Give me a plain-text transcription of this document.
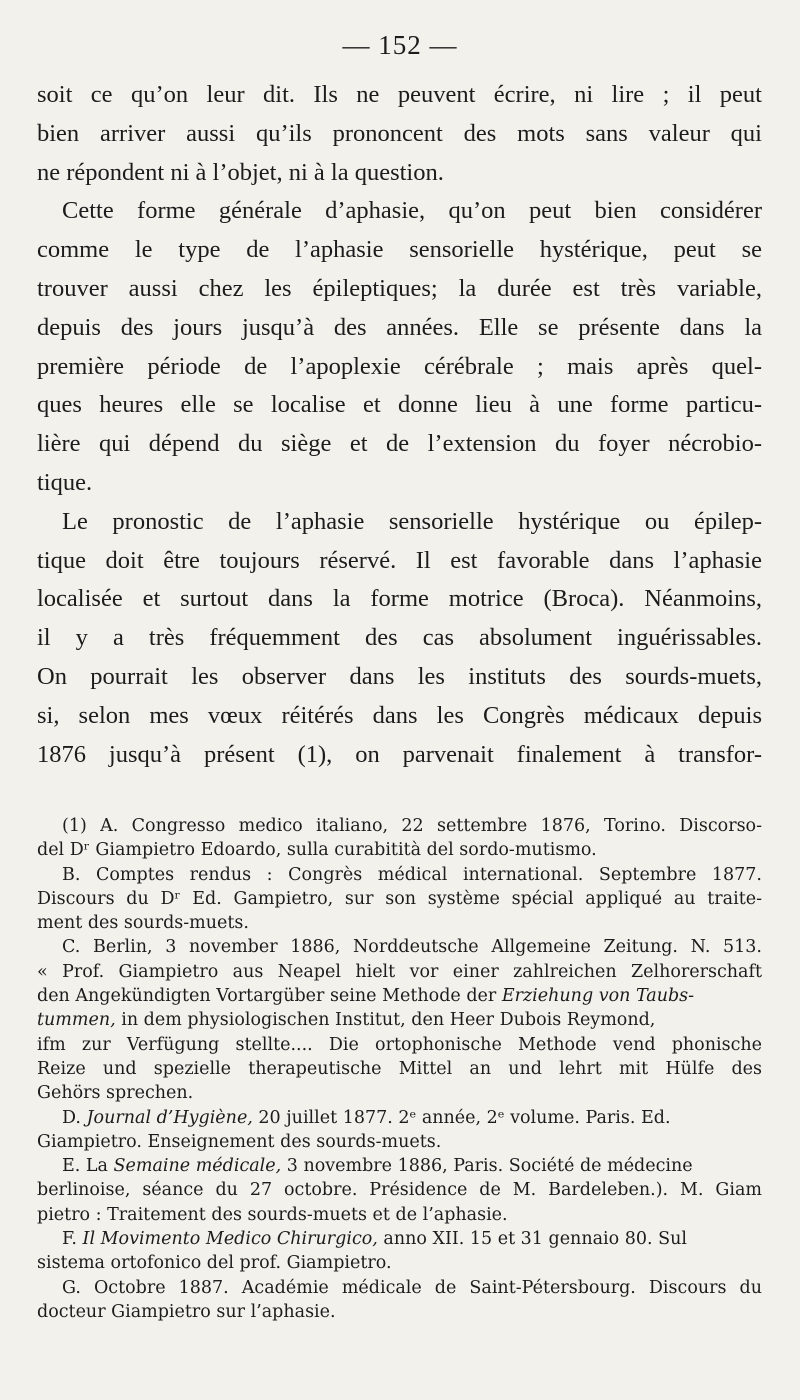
— 152 —
soit ce qu’on leur dit. Ils ne peuvent écrire, ni lire ; il peut
bien arriver aussi qu’ils prononcent des mots sans valeur qui
ne répondent ni à l’objet, ni à la question.
Cette forme générale d’aphasie, qu’on peut bien considérer
comme le type de l’aphasie sensorielle hystérique, peut se
trouver aussi chez les épileptiques; la durée est très variable,
depuis des jours jusqu’à des années. Elle se présente dans la
première période de l’apoplexie cérébrale ; mais après quel-
ques heures elle se localise et donne lieu à une forme particu-
lière qui dépend du siège et de l’extension du foyer nécrobio-
tique.
Le pronostic de l’aphasie sensorielle hystérique ou épilep-
tique doit être toujours réservé. Il est favorable dans l’aphasie
localisée et surtout dans la forme motrice (Broca). Néanmoins,
il y a très fréquemment des cas absolument inguérissables.
On pourrait les observer dans les instituts des sourds-muets,
si, selon mes vœux réitérés dans les Congrès médicaux depuis
1876 jusqu’à présent (1), on parvenait finalement à transfor-
(1) A. Congresso medico italiano, 22 settembre 1876, Torino. Discorso-
del Dʳ Giampietro Edoardo, sulla curabitità del sordo-mutismo.
B. Comptes rendus : Congrès médical international. Septembre 1877.
Discours du Dʳ Ed. Gampietro, sur son système spécial appliqué au traite-
ment des sourds-muets.
C. Berlin, 3 november 1886, Norddeutsche Allgemeine Zeitung. N. 513.
« Prof. Giampietro aus Neapel hielt vor einer zahlreichen Zelhorerschaft
den Angekündigten Vortargüber seine Methode der Erziehung von Taubs-
tummen, in dem physiologischen Institut, den Heer Dubois Reymond,
ifm zur Verfügung stellte.... Die ortophonische Methode vend phonische
Reize und spezielle therapeutische Mittel an und lehrt mit Hülfe des
Gehörs sprechen.
D. Journal d’Hygiène, 20 juillet 1877. 2ᵉ année, 2ᵉ volume. Paris. Ed.
Giampietro. Enseignement des sourds-muets.
E. La Semaine médicale, 3 novembre 1886, Paris. Société de médecine
berlinoise, séance du 27 octobre. Présidence de M. Bardeleben.). M. Giam
pietro : Traitement des sourds-muets et de l’aphasie.
F. Il Movimento Medico Chirurgico, anno XII. 15 et 31 gennaio 80. Sul
sistema ortofonico del prof. Giampietro.
G. Octobre 1887. Académie médicale de Saint-Pétersbourg. Discours du
docteur Giampietro sur l’aphasie.
